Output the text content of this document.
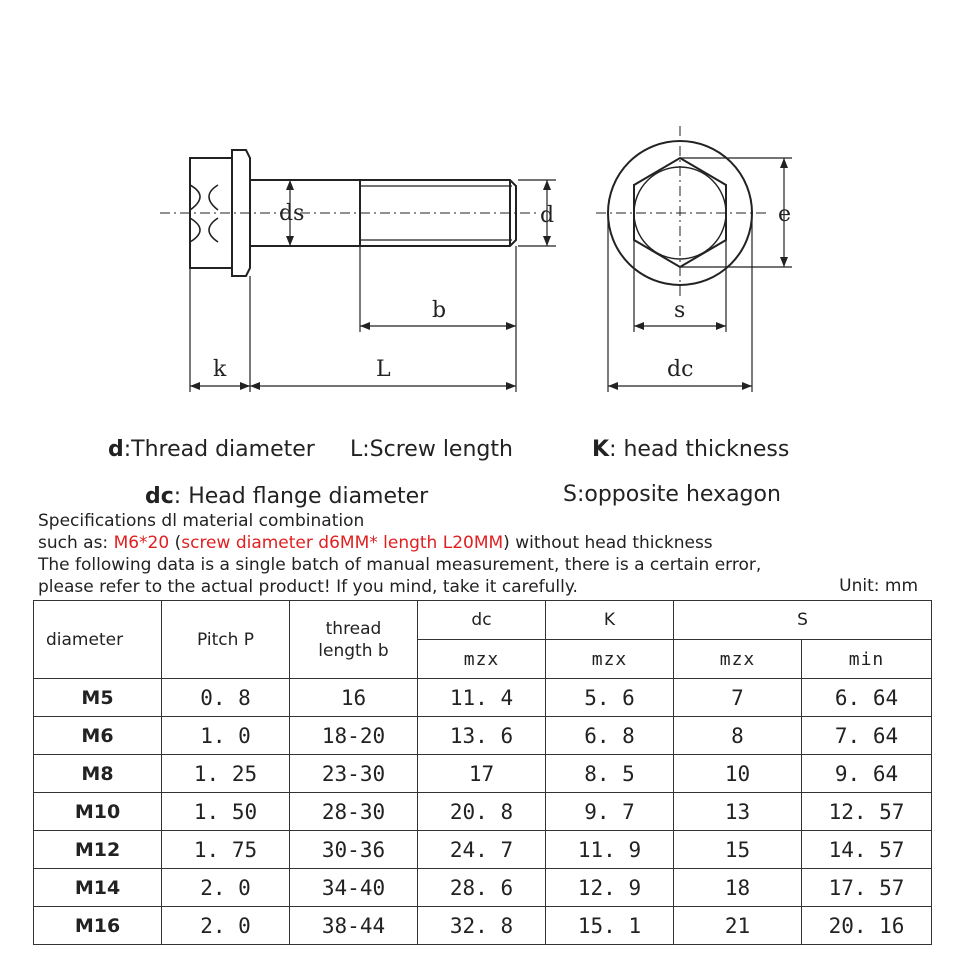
ds	d
b
k	L
e
s
dc
d:Thread diameter L:Screw length	K: head thickness
dc: Head flange diameter	S:opposite hexagon
Specifications dl material combination
such as: M6*20 (screw diameter d6MM* length L20MM) without head thickness
The following data is a single batch of manual measurement, there is a certain error,
please refer to the actual product! If you mind, take it carefully.	Unit: mm
diameter	Pitch P	thread length b	dc	K	S	
			mzx	mzx	mzx	min
M5	0. 8	16	11. 4	5. 6	7	6. 64
M6	1. 0	18-20	13. 6	6. 8	8	7. 64
M8	1. 25	23-30	17	8. 5	10	9. 64
M10	1. 50	28-30	20. 8	9. 7	13	12. 57
M12	1. 75	30-36	24. 7	11. 9	15	14. 57
M14	2. 0	34-40	28. 6	12. 9	18	17. 57
M16	2. 0	38-44	32. 8	15. 1	21	20. 16
